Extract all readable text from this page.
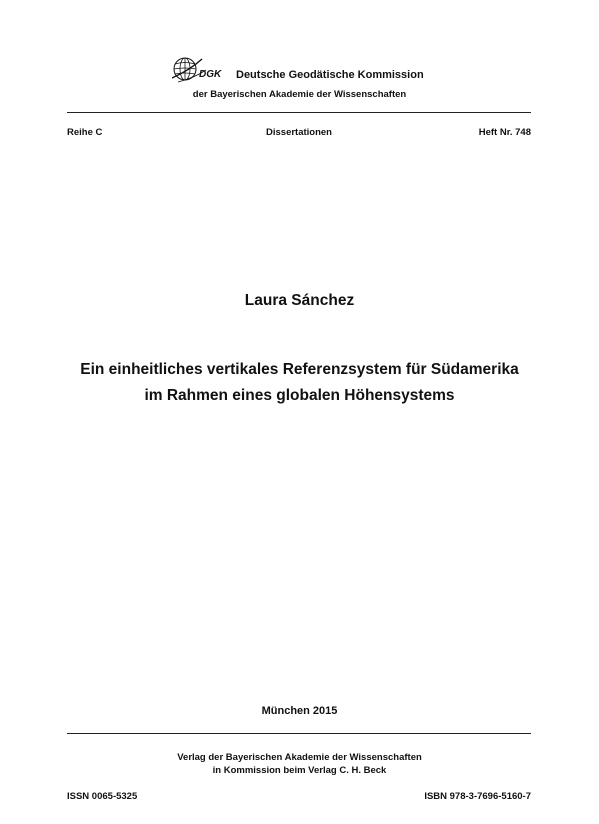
DGK Deutsche Geodätische Kommission
der Bayerischen Akademie der Wissenschaften
Reihe C	Dissertationen	Heft Nr. 748
Laura Sánchez
Ein einheitliches vertikales Referenzsystem für Südamerika
im Rahmen eines globalen Höhensystems
München 2015
Verlag der Bayerischen Akademie der Wissenschaften
in Kommission beim Verlag C. H. Beck
ISSN 0065-5325	ISBN 978-3-7696-5160-7
